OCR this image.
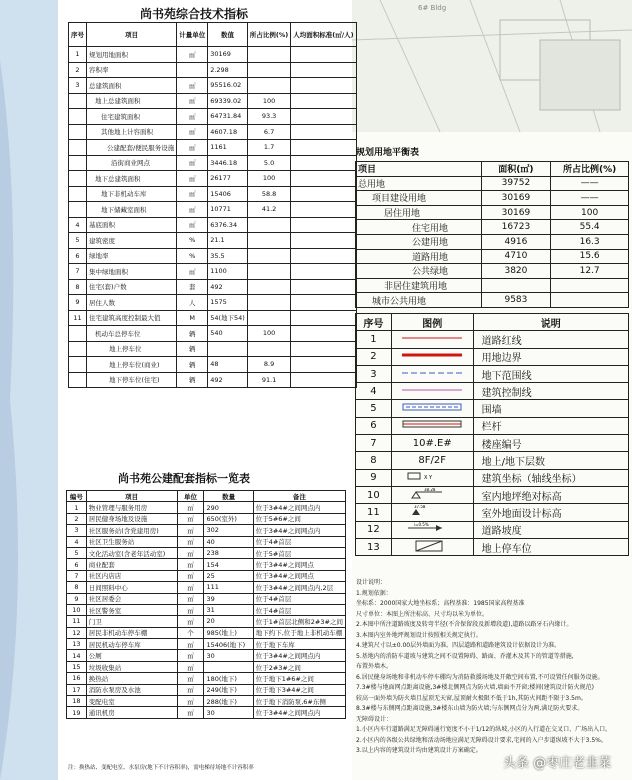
6# Bldg
尚书苑综合技术指标
序号	项目	计量单位	数值	所占比例(%)	人均面积标准(㎡/人)
1	规划用地面积	㎡	30169		
2	容积率		2.298		
3	总建筑面积	㎡	95516.02		
	地上总建筑面积	㎡	69339.02	100	
	住宅建筑面积	㎡	64731.84	93.3	
	其他地上计容面积	㎡	4607.18	6.7	
	公建配套/便民服务设施	㎡	1161	1.7	
	沿街商业网点	㎡	3446.18	5.0	
	地下总建筑面积	㎡	26177	100	
	地下非机动车库	㎡	15406	58.8	
	地下储藏室面积	㎡	10771	41.2	
4	基底面积	㎡	6376.34		
5	建筑密度	%	21.1		
6	绿地率	%	35.5		
7	集中绿地面积	㎡	1100		
8	住宅(套)户数	套	492		
9	居住人数	人	1575		
11	住宅建筑高度控制最大值	M	54(地下54)		
	机动车总停车位	辆	540	100	
	地上停车位	辆			
	地上停车位(商业)	辆	48	8.9	
	地下停车位(住宅)	辆	492	91.1	
尚书苑公建配套指标一览表
编号	项目	单位	数量	备注
1	物业管理与服务用房	㎡	290	位于3#4#之间网点内
2	居民健身场地及设施	㎡	650(室外)	位于5#6#之间
3	社区服务站(含党建用房)	㎡	302	位于3#4#之间网点内
4	社区卫生服务站	㎡	40	位于4#首层
5	文化活动室(含老年活动室)	㎡	238	位于5#首层
6	商业配套	㎡	154	位于3#4#之间网点
7	社区内店店	㎡	25	位于3#4#之间网点
8	日间照料中心	㎡	111	位于3#4#之间网点内,2层
9	社区居委会	㎡	39	位于4#首层
10	社区警务室	㎡	31	位于4#首层
11	门卫	㎡	20	位于1#首层北侧和2#3#之间
12	居民非机动车停车棚	个	985(地上)	地下约下,位于地上非机动车棚
13	居民机动车停车库	㎡	15406(地下)	位于地下车库
14	公厕	㎡	30	位于3#4#之间网点内
15	垃圾收集站	㎡		位于2#3#之间
16	换热站	㎡	180(地下)	位于地下1#6#之间
17	消防水泵房及水池	㎡	249(地下)	位于地下3#4#之间
18	变配电室	㎡	288(地下)	位于地下消防泵,6#东侧
19	通讯机房	㎡	30	位于3#4#之间网点内
注：换热站、变配电室、水泵房(地下不计容积率)，需电梯待场地不计容积率
规划用地平衡表
项目	面积(㎡)	所占比例(%)
总用地	39752	——
项目建设用地	30169	——
居住用地	30169	100
住宅用地	16723	55.4
公建用地	4916	16.3
道路用地	4710	15.6
公共绿地	3820	12.7
非居住建筑用地		
城市公共用地	9583	
序号	图例	说明
1		道路红线
2		用地边界
3		地下范围线
4		建筑控制线
5		围墙
6		栏杆
7	10#.E#	楼座编号
8	8F/2F	地上/地下层数
9	X Y	建筑坐标（轴线坐标）
10	38.28	室内地坪绝对标高
11	37.58	室外地面设计标高
12	i=0.5%	道路坡度
13		地上停车位
设计说明：
1.规划依据：
坐标系：2000国家大地坐标系；高程基准：1985国家高程基准
尺寸单位：本图上所注标高、尺寸均以米为单位。
2.本图中所注道路坡度及转弯半径(不含保留段及新增段道),道路以路牙石内缘计。
3.本图内室外地坪规划设计按照相关规定执行。
4.建筑尺寸以±0.00层外墙面为准。四层道路和道路建筑设计依据设计为准。
5.基地内的消防车道坡与建筑之间不设置障碍、路面、乔灌木及其下的管道等措施,
布置外墙木。
6.居民健身场地和非机动车停车棚均为消防救援场地及开敞空间布置,不可设置任何服务设施。
7.3#楼与地面网点距离设施,3#楼北侧网点为防火墙,墙面不开窗;楼间(建筑设计防火规范)
较高一面外墙为防火墙且屋顶无天窗,屋顶耐火极限不低于1h,其防火间距不限于3.5m。
8.3#楼与东侧网点距离设施,3#楼东山墙为防火墙;与东侧网点分为两,满足防火要求。
无障碍设计：
1.小区内车行道路满足无障碍通行宽度不小于1/12的纵坡,小区的入行道在交叉口、广场出入口。
2.小区内的各级公共绿地和活动场地应满足无障碍设计要求,宅间的入户步道纵坡不大于3.5%。
3.以上内容的建筑设计均由建筑设计方案确定。
头条 @枣庄老韭菜
